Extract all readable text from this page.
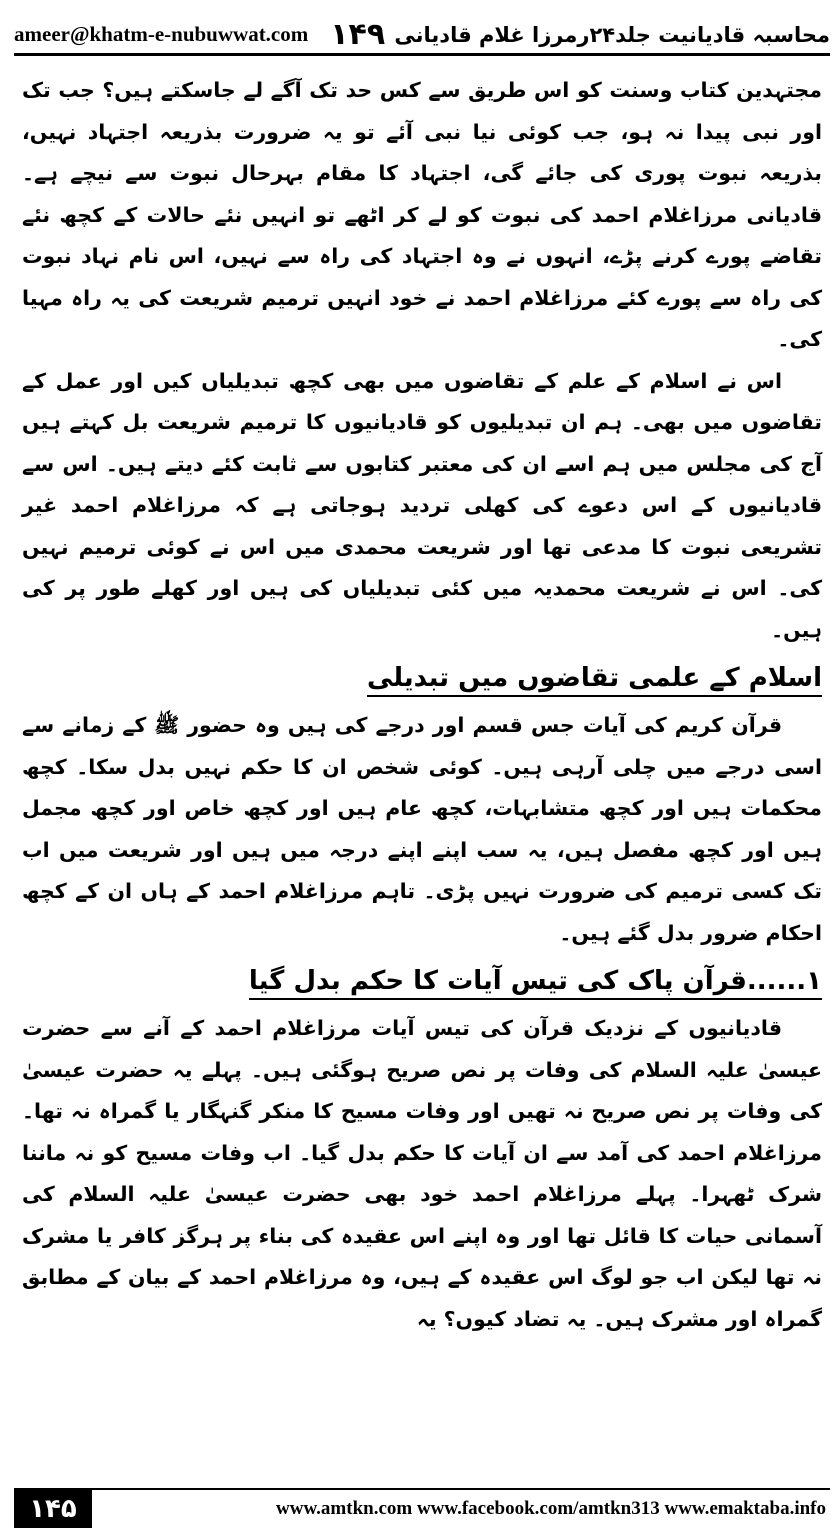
ameer@khatm-e-nubuwwat.com ۱۴۹ محاسبہ قادیانیت جلد۲۴رمرزا غلام قادیانی

مجتہدین کتاب وسنت کو اس طریق سے کس حد تک آگے لے جاسکتے ہیں؟ جب تک اور نبی پیدا نہ ہو، جب کوئی نیا نبی آئے تو یہ ضرورت بذریعہ اجتہاد نہیں، بذریعہ نبوت پوری کی جائے گی، اجتہاد کا مقام بہرحال نبوت سے نیچے ہے۔ قادیانی مرزاغلام احمد کی نبوت کو لے کر اٹھے تو انہیں نئے حالات کے کچھ نئے تقاضے پورے کرنے پڑے، انہوں نے وہ اجتہاد کی راہ سے نہیں، اس نام نہاد نبوت کی راہ سے پورے کئے مرزاغلام احمد نے خود انہیں ترمیم شریعت کی یہ راہ مہیا کی۔

اس نے اسلام کے علم کے تقاضوں میں بھی کچھ تبدیلیاں کیں اور عمل کے تقاضوں میں بھی۔ ہم ان تبدیلیوں کو قادیانیوں کا ترمیم شریعت بل کہتے ہیں آج کی مجلس میں ہم اسے ان کی معتبر کتابوں سے ثابت کئے دیتے ہیں۔ اس سے قادیانیوں کے اس دعوے کی کھلی تردید ہوجاتی ہے کہ مرزاغلام احمد غیر تشریعی نبوت کا مدعی تھا اور شریعت محمدی میں اس نے کوئی ترمیم نہیں کی۔ اس نے شریعت محمدیہ میں کئی تبدیلیاں کی ہیں اور کھلے طور پر کی ہیں۔

اسلام کے علمی تقاضوں میں تبدیلی

قرآن کریم کی آیات جس قسم اور درجے کی ہیں وہ حضور ﷺ کے زمانے سے اسی درجے میں چلی آرہی ہیں۔ کوئی شخص ان کا حکم نہیں بدل سکا۔ کچھ محکمات ہیں اور کچھ متشابہات، کچھ عام ہیں اور کچھ خاص اور کچھ مجمل ہیں اور کچھ مفصل ہیں، یہ سب اپنے اپنے درجہ میں ہیں اور شریعت میں اب تک کسی ترمیم کی ضرورت نہیں پڑی۔ تاہم مرزاغلام احمد کے ہاں ان کے کچھ احکام ضرور بدل گئے ہیں۔

۱......قرآن پاک کی تیس آیات کا حکم بدل گیا

قادیانیوں کے نزدیک قرآن کی تیس آیات مرزاغلام احمد کے آنے سے حضرت عیسیٰ علیہ السلام کی وفات پر نص صریح ہوگئی ہیں۔ پہلے یہ حضرت عیسیٰ کی وفات پر نص صریح نہ تھیں اور وفات مسیح کا منکر گنہگار یا گمراہ نہ تھا۔ مرزاغلام احمد کی آمد سے ان آیات کا حکم بدل گیا۔ اب وفات مسیح کو نہ ماننا شرک ٹھہرا۔ پہلے مرزاغلام احمد خود بھی حضرت عیسیٰ علیہ السلام کی آسمانی حیات کا قائل تھا اور وہ اپنے اس عقیدہ کی بناء پر ہرگز کافر یا مشرک نہ تھا لیکن اب جو لوگ اس عقیدہ کے ہیں، وہ مرزاغلام احمد کے بیان کے مطابق گمراہ اور مشرک ہیں۔ یہ تضاد کیوں؟ یہ

۱۴۵	www.amtkn.com www.facebook.com/amtkn313 www.emaktaba.info
